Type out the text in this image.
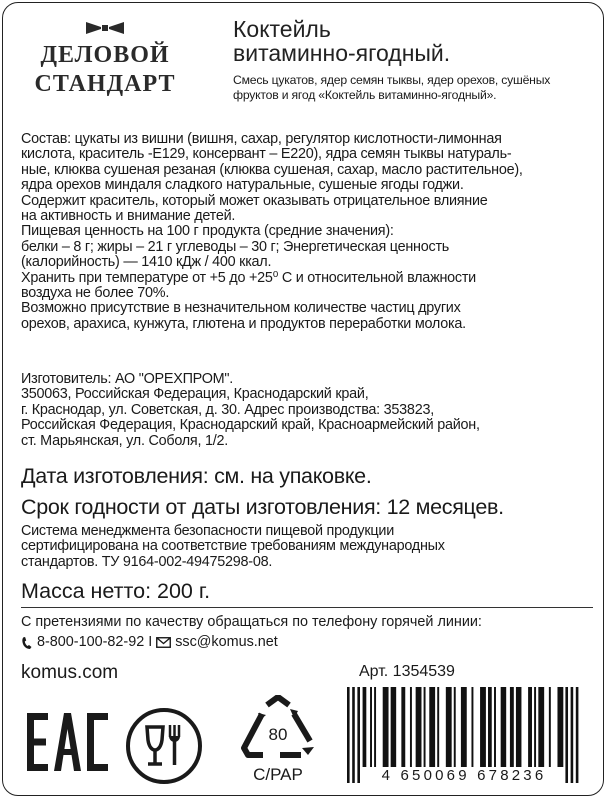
ДЕЛОВОЙ
СТАНДАРТ
Коктейль
витаминно-ягодный.
Смесь цукатов, ядер семян тыквы, ядер орехов, сушёных
фруктов и ягод «Коктейль витаминно-ягодный».

Состав: цукаты из вишни (вишня, сахар, регулятор кислотности-лимонная

кислота, краситель -Е129, консервант – Е220), ядра семян тыквы натураль-

ные, клюква сушеная резаная (клюква сушеная, сахар, масло растительное),

ядра орехов миндаля сладкого натуральные, сушеные ягоды годжи.

Содержит краситель, который может оказывать отрицательное влияние

на активность и внимание детей.

Пищевая ценность на 100 г продукта (средние значения):

белки – 8 г; жиры – 21 г углеводы – 30 г; Энергетическая ценность

(калорийность) — 1410 кДж / 400 ккал.

Хранить при температуре от +5 до +25⁰ С и относительной влажности

воздуха не более 70%.

Возможно присутствие в незначительном количестве частиц других

орехов, арахиса, кунжута, глютена и продуктов переработки молока.

Изготовитель: АО "ОРЕХПРОМ".

350063, Российская Федерация, Краснодарский край,

г. Краснодар, ул. Советская, д. 30. Адрес производства: 353823,

Российская Федерация, Краснодарский край, Красноармейский район,

ст. Марьянская, ул. Соболя, 1/2.

Дата изготовления: см. на упаковке.
Срок годности от даты изготовления: 12 месяцев.
Система менеджмента безопасности пищевой продукции
сертифицирована на соответствие требованиям международных
стандартов. ТУ 9164-002-49475298-08.
Масса нетто: 200 г.
С претензиями по качеству обращаться по телефону горячей линии:
8-800-100-82-92 I ssc@komus.net
komus.com	Арт. 1354539
80
C/PAP	4 650069 678236
